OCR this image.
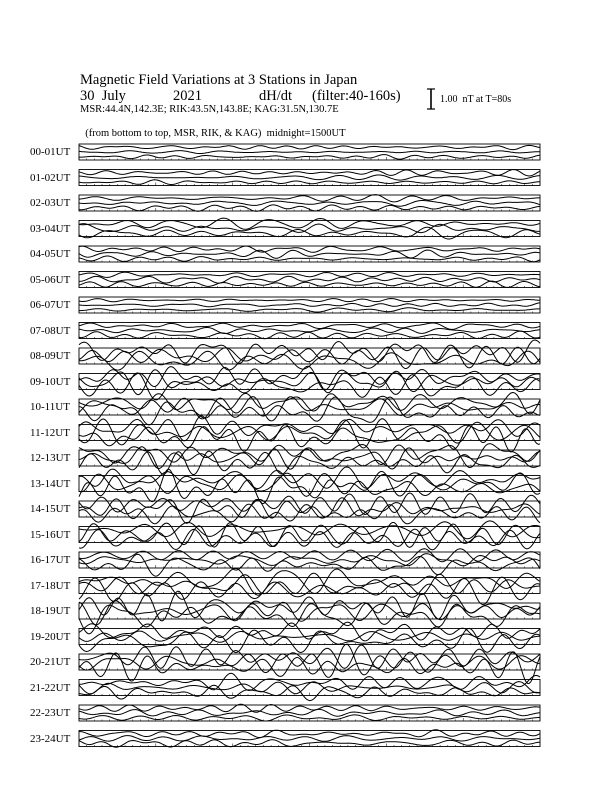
Magnetic Field Variations at 3 Stations in Japan

30  July

	2021

	dH/dt

(filter:40-160s)

MSR:44.4N,142.3E; RIK:43.5N,143.8E; KAG:31.5N,130.7E

(from bottom to top, MSR, RIK, & KAG) midnight=1500UT

1.00  nT at T=80s
00-01UT
01-02UT
02-03UT
03-04UT
04-05UT
05-06UT
06-07UT
07-08UT
08-09UT
09-10UT
10-11UT
11-12UT
12-13UT
13-14UT
14-15UT
15-16UT
16-17UT
17-18UT
18-19UT
19-20UT
20-21UT
21-22UT
22-23UT
23-24UT
